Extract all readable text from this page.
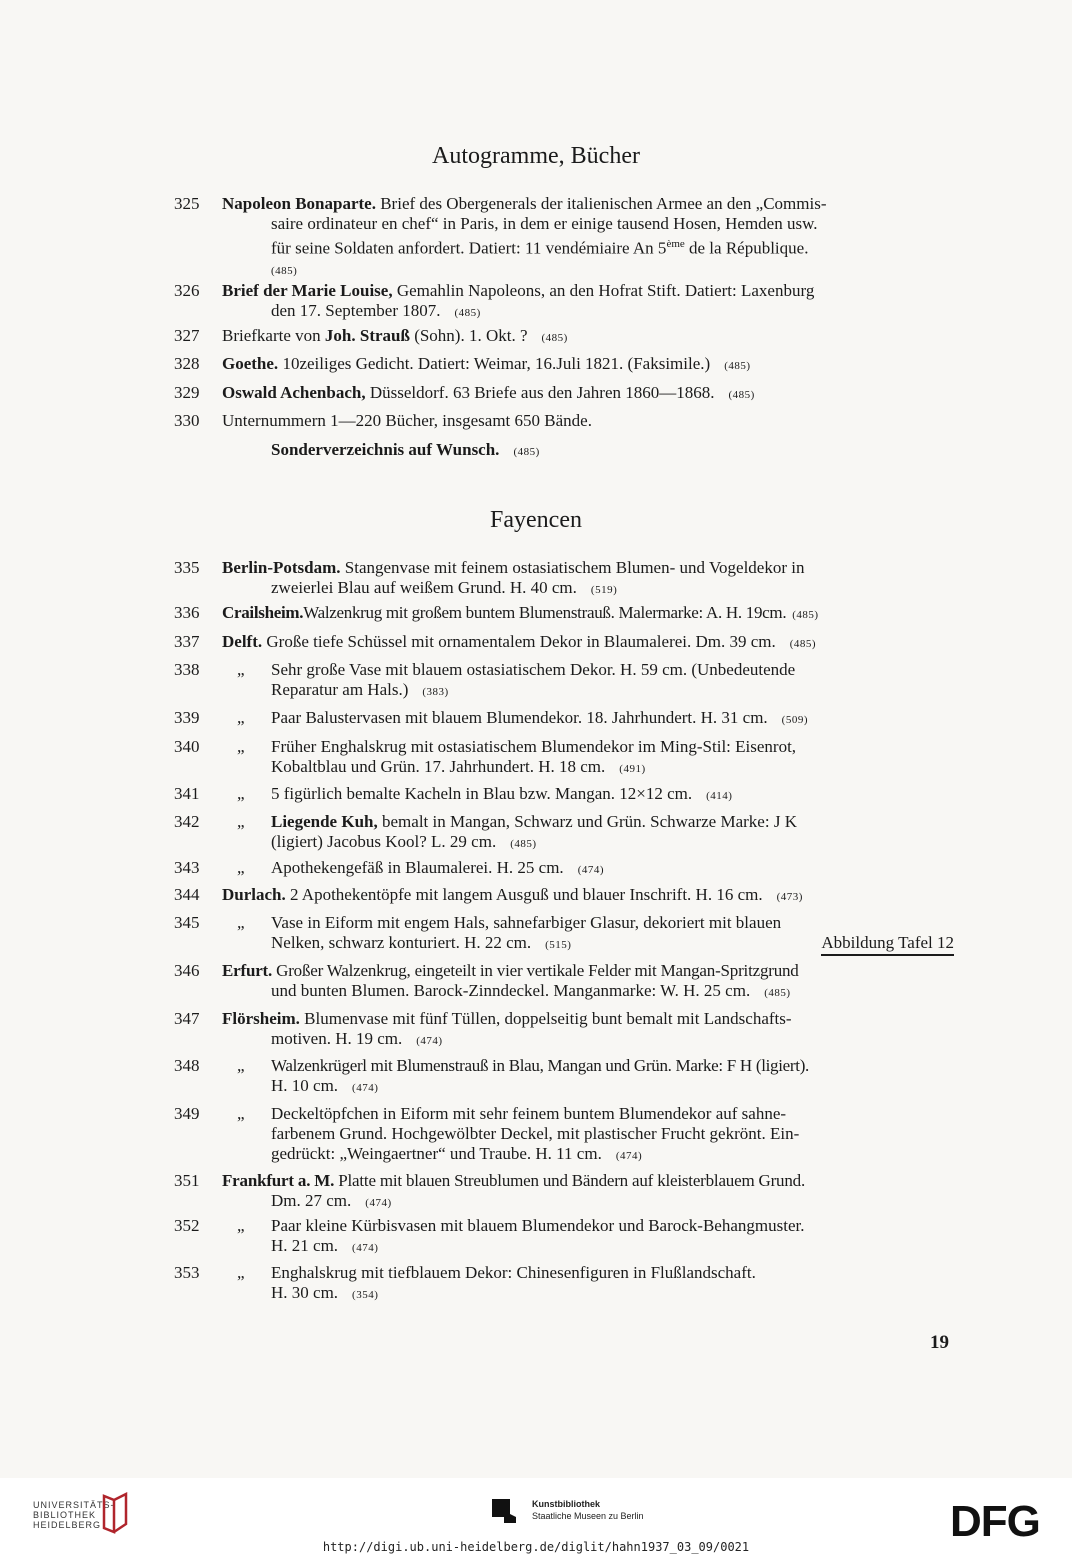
Autogramme, Bücher
325	Napoleon Bonaparte. Brief des Obergenerals der italienischen Armee an den „Commis-
saire ordinateur en chef“ in Paris, in dem er einige tausend Hosen, Hemden usw.
für seine Soldaten anfordert. Datiert: 11 vendémiaire An 5ème de la République.
(485)
326	Brief der Marie Louise, Gemahlin Napoleons, an den Hofrat Stift. Datiert: Laxenburg
den 17. September 1807. (485)
327	Briefkarte von Joh. Strauß (Sohn). 1. Okt. ? (485)
328	Goethe. 10zeiliges Gedicht. Datiert: Weimar, 16.Juli 1821. (Faksimile.) (485)
329	Oswald Achenbach, Düsseldorf. 63 Briefe aus den Jahren 1860—1868. (485)
330	Unternummern 1—220 Bücher, insgesamt 650 Bände.
Sonderverzeichnis auf Wunsch. (485)
Fayencen
335	Berlin-Potsdam. Stangenvase mit feinem ostasiatischem Blumen- und Vogeldekor in
zweierlei Blau auf weißem Grund. H. 40 cm. (519)
336	Crailsheim.Walzenkrug mit großem buntem Blumenstrauß. Malermarke: A. H. 19cm. (485)
337	Delft. Große tiefe Schüssel mit ornamentalem Dekor in Blaumalerei. Dm. 39 cm. (485)
338	„ Sehr große Vase mit blauem ostasiatischem Dekor. H. 59 cm. (Unbedeutende
Reparatur am Hals.) (383)
339	„ Paar Balustervasen mit blauem Blumendekor. 18. Jahrhundert. H. 31 cm. (509)
340	„ Früher Enghalskrug mit ostasiatischem Blumendekor im Ming-Stil: Eisenrot,
Kobaltblau und Grün. 17. Jahrhundert. H. 18 cm. (491)
341	„ 5 figürlich bemalte Kacheln in Blau bzw. Mangan. 12×12 cm. (414)
342	„ Liegende Kuh, bemalt in Mangan, Schwarz und Grün. Schwarze Marke: J K
(ligiert) Jacobus Kool? L. 29 cm. (485)
343	„ Apothekengefäß in Blaumalerei. H. 25 cm. (474)
344	Durlach. 2 Apothekentöpfe mit langem Ausguß und blauer Inschrift. H. 16 cm. (473)
345	„ Vase in Eiform mit engem Hals, sahnefarbiger Glasur, dekoriert mit blauen
Nelken, schwarz konturiert. H. 22 cm. (515)	Abbildung Tafel 12
346	Erfurt. Großer Walzenkrug, eingeteilt in vier vertikale Felder mit Mangan-Spritzgrund
und bunten Blumen. Barock-Zinndeckel. Manganmarke: W. H. 25 cm. (485)
347	Flörsheim. Blumenvase mit fünf Tüllen, doppelseitig bunt bemalt mit Landschafts-
motiven. H. 19 cm. (474)
348	„ Walzenkrügerl mit Blumenstrauß in Blau, Mangan und Grün. Marke: F H (ligiert).
H. 10 cm. (474)
349	„ Deckeltöpfchen in Eiform mit sehr feinem buntem Blumendekor auf sahne-
farbenem Grund. Hochgewölbter Deckel, mit plastischer Frucht gekrönt. Ein-
gedrückt: „Weingaertner“ und Traube. H. 11 cm. (474)
351	Frankfurt a. M. Platte mit blauen Streublumen und Bändern auf kleisterblauem Grund.
Dm. 27 cm. (474)
352	„ Paar kleine Kürbisvasen mit blauem Blumendekor und Barock-Behangmuster.
H. 21 cm. (474)
353	„ Enghalskrug mit tiefblauem Dekor: Chinesenfiguren in Flußlandschaft.
H. 30 cm. (354)
19
UNIVERSITÄTS-
BIBLIOTHEK
HEIDELBERG
Kunstbibliothek
Staatliche Museen zu Berlin	DFG
http://digi.ub.uni-heidelberg.de/diglit/hahn1937_03_09/0021
